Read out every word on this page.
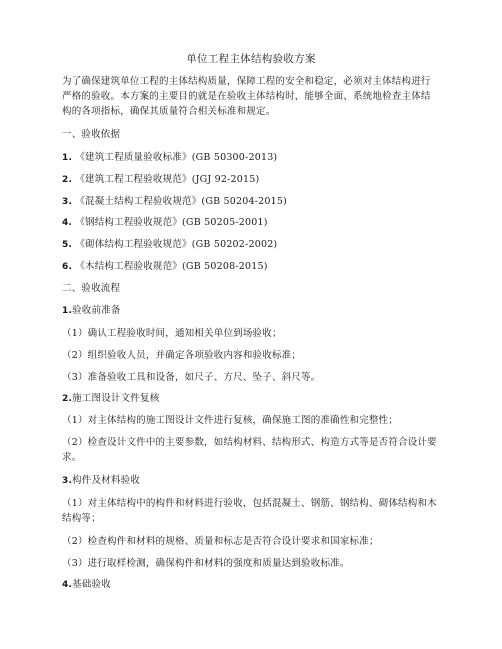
单位工程主体结构验收方案
为了确保建筑单位工程的主体结构质量，保障工程的安全和稳定，必须对主体结构进行严格的验收。本方案的主要目的就是在验收主体结构时，能够全面、系统地检查主体结构的各项指标，确保其质量符合相关标准和规定。
一、验收依据
1. 《建筑工程质量验收标准》(GB 50300-2013)
2. 《建筑工程工程验收规范》(JGJ 92-2015)
3. 《混凝土结构工程验收规范》(GB 50204-2015)
4. 《钢结构工程验收规范》(GB 50205-2001)
5. 《砌体结构工程验收规范》(GB 50202-2002)
6. 《木结构工程验收规范》(GB 50208-2015)
二、验收流程
1.验收前准备
（1）确认工程验收时间，通知相关单位到场验收；
（2）组织验收人员，并确定各项验收内容和验收标准；
（3）准备验收工具和设备，如尺子、方尺、坠子、斜尺等。
2.施工图设计文件复核
（1）对主体结构的施工图设计文件进行复核，确保施工图的准确性和完整性；
（2）检查设计文件中的主要参数，如结构材料、结构形式、构造方式等是否符合设计要求。
3.构件及材料验收
（1）对主体结构中的构件和材料进行验收，包括混凝土、钢筋、钢结构、砌体结构和木结构等；
（2）检查构件和材料的规格、质量和标志是否符合设计要求和国家标准；
（3）进行取样检测，确保构件和材料的强度和质量达到验收标准。
4.基础验收
